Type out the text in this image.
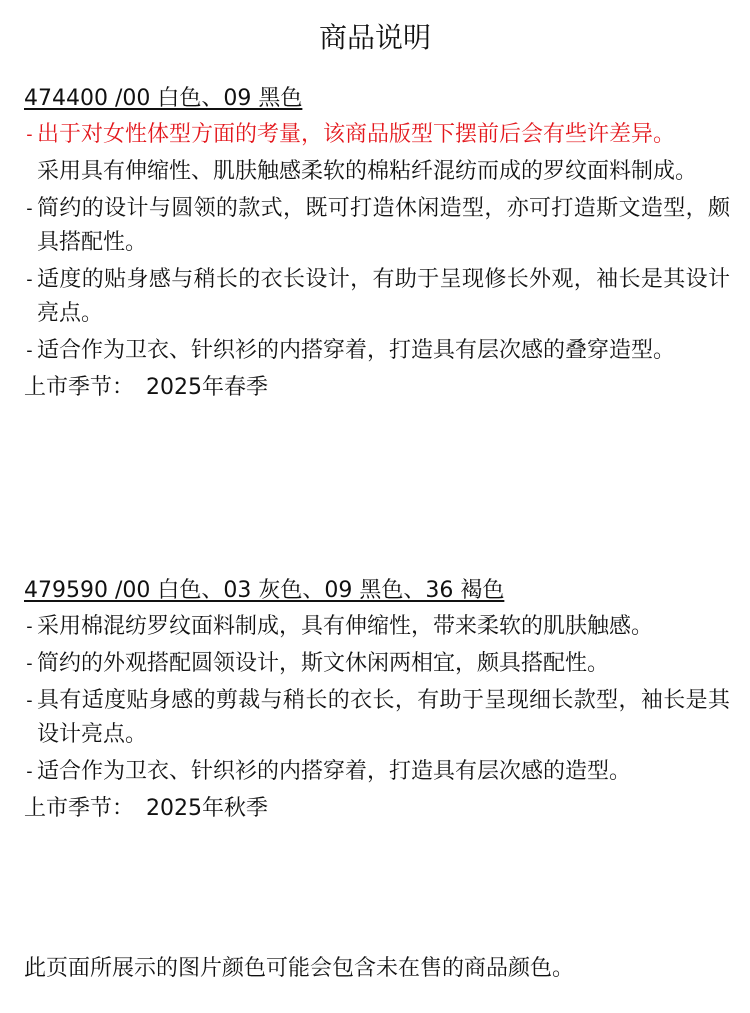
商品说明

474400 /00 白色、09 黑色

- 出于对女性体型方面的考量，该商品版型下摆前后会有些许差异。

采用具有伸缩性、肌肤触感柔软的棉粘纤混纺而成的罗纹面料制成。

- 简约的设计与圆领的款式，既可打造休闲造型，亦可打造斯文造型，颇具搭配性。

- 适度的贴身感与稍长的衣长设计，有助于呈现修长外观，袖长是其设计亮点。

- 适合作为卫衣、针织衫的内搭穿着，打造具有层次感的叠穿造型。

上市季节： 2025年春季

479590 /00 白色、03 灰色、09 黑色、36 褐色

- 采用棉混纺罗纹面料制成，具有伸缩性，带来柔软的肌肤触感。

- 简约的外观搭配圆领设计，斯文休闲两相宜，颇具搭配性。

- 具有适度贴身感的剪裁与稍长的衣长，有助于呈现细长款型，袖长是其设计亮点。

- 适合作为卫衣、针织衫的内搭穿着，打造具有层次感的造型。

上市季节： 2025年秋季

此页面所展示的图片颜色可能会包含未在售的商品颜色。
